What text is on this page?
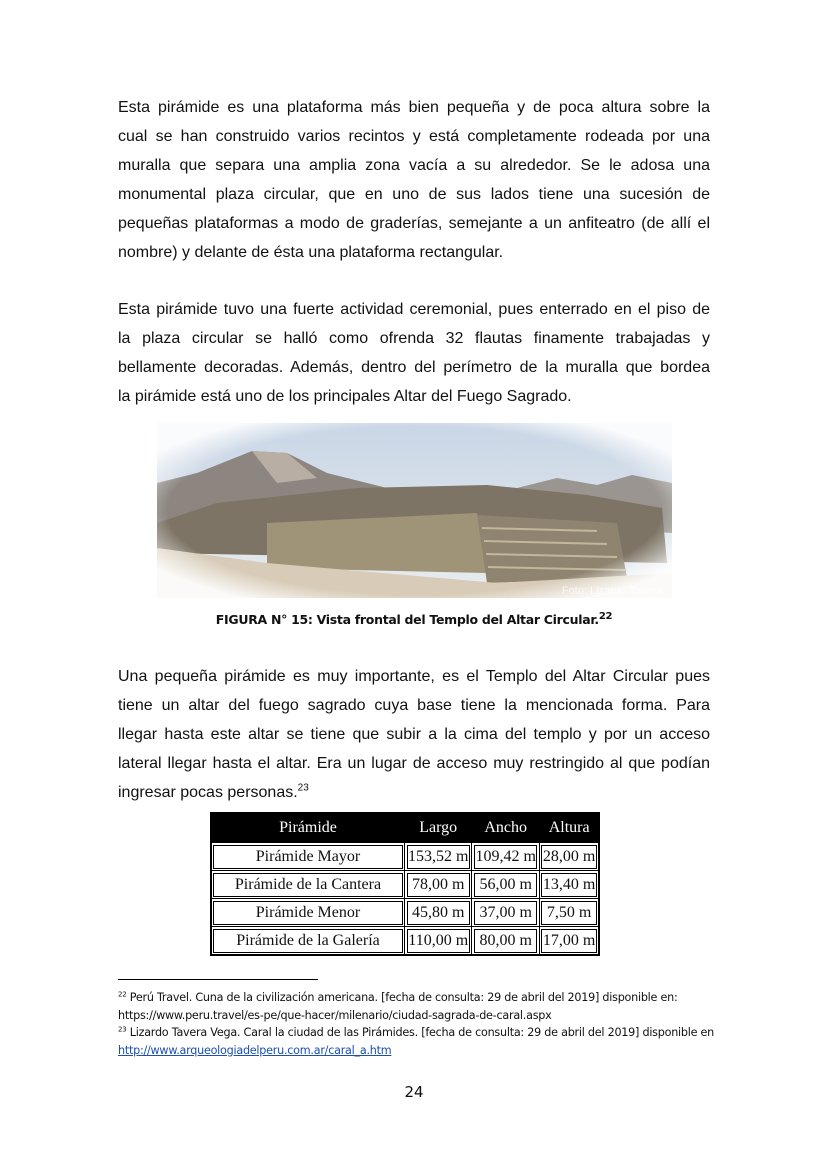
Esta pirámide es una plataforma más bien pequeña y de poca altura sobre la
cual se han construido varios recintos y está completamente rodeada por una
muralla que separa una amplia zona vacía a su alrededor. Se le adosa una
monumental plaza circular, que en uno de sus lados tiene una sucesión de
pequeñas plataformas a modo de graderías, semejante a un anfiteatro (de allí el
nombre) y delante de ésta una plataforma rectangular.
Esta pirámide tuvo una fuerte actividad ceremonial, pues enterrado en el piso de
la plaza circular se halló como ofrenda 32 flautas finamente trabajadas y
bellamente decoradas. Además, dentro del perímetro de la muralla que bordea
la pirámide está uno de los principales Altar del Fuego Sagrado.
Una pequeña pirámide es muy importante, es el Templo del Altar Circular pues
tiene un altar del fuego sagrado cuya base tiene la mencionada forma. Para
llegar hasta este altar se tiene que subir a la cima del templo y por un acceso
lateral llegar hasta el altar. Era un lugar de acceso muy restringido al que podían
ingresar pocas personas.$^{23}$
Foto: Lizardo Tavera
FIGURA N° 15: Vista frontal del Templo del Altar Circular.$^{22}$
Pirámide	Largo	Ancho	Altura
Pirámide Mayor	153,52 m	109,42 m	28,00 m
Pirámide de la Cantera	78,00 m	56,00 m	13,40 m
Pirámide Menor	45,80 m	37,00 m	7,50 m
Pirámide de la Galería	110,00 m	80,00 m	17,00 m
$^{22}$ Perú Travel. Cuna de la civilización americana. [fecha de consulta: 29 de abril del 2019] disponible en: https://www.peru.travel/es-pe/que-hacer/milenario/ciudad-sagrada-de-caral.aspx
$^{23}$ Lizardo Tavera Vega. Caral la ciudad de las Pirámides. [fecha de consulta: 29 de abril del 2019] disponible en http://www.arqueologiadelperu.com.ar/caral_a.htm
24
